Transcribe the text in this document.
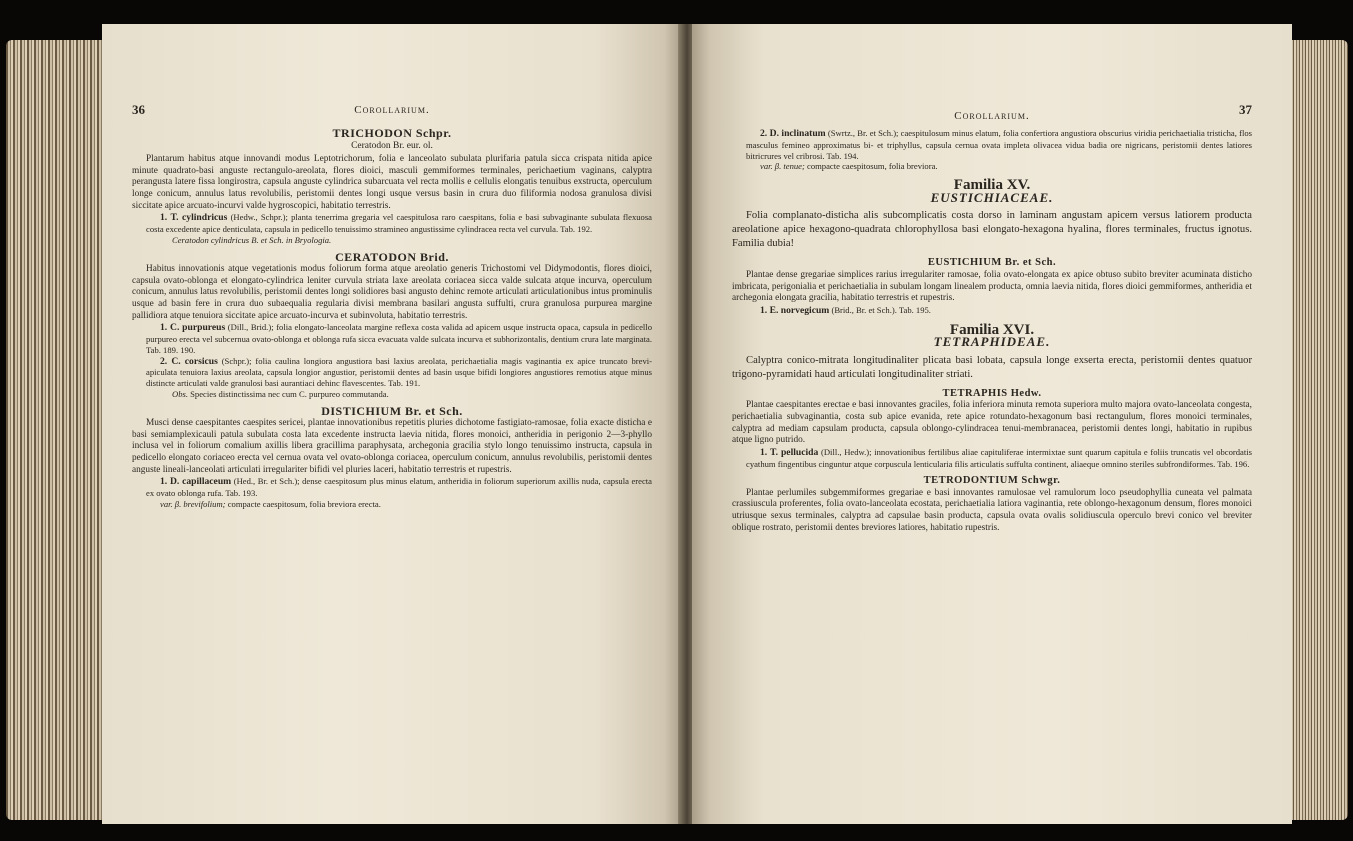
36	Corollarium.
TRICHODON Schpr.
Ceratodon Br. eur. ol.

Plantarum habitus atque innovandi modus Leptotrichorum, folia e lanceolato subulata plurifaria patula sicca crispata nitida apice minute quadrato-basi anguste rectangulo-areolata, flores dioici, masculi gemmiformes terminales, perichaetium vaginans, calyptra perangusta latere fissa longirostra, capsula anguste cylindrica subarcuata vel recta mollis e cellulis elongatis tenuibus exstructa, operculum longe conicum, annulus latus revolubilis, peristomii dentes longi usque versus basin in crura duo filiformia nodosa granulosa divisi siccitate apice arcuato-incurvi valde hygroscopici, habitatio terrestris.

1. T. cylindricus (Hedw., Schpr.); planta tenerrima gregaria vel caespitulosa raro caespitans, folia e basi subvaginante subulata flexuosa costa excedente apice denticulata, capsula in pedicello tenuissimo stramineo angustissime cylindracea recta vel curvula. Tab. 192.

Ceratodon cylindricus B. et Sch. in Bryologia.

CERATODON Brid.

Habitus innovationis atque vegetationis modus foliorum forma atque areolatio generis Trichostomi vel Didymodontis, flores dioici, capsula ovato-oblonga et elongato-cylindrica leniter curvula striata laxe areolata coriacea sicca valde sulcata atque incurva, operculum conicum, annulus latus revolubilis, peristomii dentes longi solidiores basi angusto dehinc remote articulati articulationibus intus prominulis usque ad basin fere in crura duo subaequalia regularia divisi membrana basilari angusta suffulti, crura granulosa purpurea margine pallidiora atque tenuiora siccitate apice arcuato-incurva et subinvoluta, habitatio terrestris.

1. C. purpureus (Dill., Brid.); folia elongato-lanceolata margine reflexa costa valida ad apicem usque instructa opaca, capsula in pedicello purpureo erecta vel subcernua ovato-oblonga et oblonga rufa sicca evacuata valde sulcata incurva et subhorizontalis, dentium crura late marginata. Tab. 189. 190.

2. C. corsicus (Schpr.); folia caulina longiora angustiora basi laxius areolata, perichaetialia magis vaginantia ex apice truncato brevi-apiculata tenuiora laxius areolata, capsula longior angustior, peristomii dentes ad basin usque bifidi longiores angustiores remotius atque minus distincte articulati valde granulosi basi aurantiaci dehinc flavescentes. Tab. 191.

Obs. Species distinctissima nec cum C. purpureo commutanda.

DISTICHIUM Br. et Sch.

Musci dense caespitantes caespites sericei, plantae innovationibus repetitis pluries dichotome fastigiato-ramosae, folia exacte disticha e basi semiamplexicauli patula subulata costa lata excedente instructa laevia nitida, flores monoici, antheridia in perigonio 2—3-phyllo inclusa vel in foliorum comalium axillis libera gracillima paraphysata, archegonia gracilia stylo longo tenuissimo instructa, capsula in pedicello elongato coriaceo erecta vel cernua ovata vel ovato-oblonga coriacea, operculum conicum, annulus revolubilis, peristomii dentes anguste lineali-lanceolati articulati irregulariter bifidi vel pluries laceri, habitatio terrestris et rupestris.

1. D. capillaceum (Hed., Br. et Sch.); dense caespitosum plus minus elatum, antheridia in foliorum superiorum axillis nuda, capsula erecta ex ovato oblonga rufa. Tab. 193.

var. β. brevifolium; compacte caespitosum, folia breviora erecta.

37
Corollarium.

2. D. inclinatum (Swrtz., Br. et Sch.); caespitulosum minus elatum, folia confertiora angustiora obscurius viridia perichaetialia tristicha, flos masculus femineo approximatus bi- et triphyllus, capsula cernua ovata impleta olivacea vidua badia ore nigricans, peristomii dentes latiores bitricrures vel cribrosi. Tab. 194.

var. β. tenue; compacte caespitosum, folia breviora.

Familia XV.
EUSTICHIACEAE.

Folia complanato-disticha alis subcomplicatis costa dorso in laminam angustam apicem versus latiorem producta areolatione apice hexagono-quadrata chlorophyllosa basi elongato-hexagona hyalina, flores terminales, fructus ignotus. Familia dubia!

EUSTICHIUM Br. et Sch.

Plantae dense gregariae simplices rarius irregulariter ramosae, folia ovato-elongata ex apice obtuso subito breviter acuminata disticho imbricata, perigonialia et perichaetialia in subulam longam linealem producta, omnia laevia nitida, flores dioici gemmiformes, antheridia et archegonia elongata gracilia, habitatio terrestris et rupestris.

1. E. norvegicum (Brid., Br. et Sch.). Tab. 195.

Familia XVI.
TETRAPHIDEAE.

Calyptra conico-mitrata longitudinaliter plicata basi lobata, capsula longe exserta erecta, peristomii dentes quatuor trigono-pyramidati haud articulati longitudinaliter striati.

TETRAPHIS Hedw.

Plantae caespitantes erectae e basi innovantes graciles, folia inferiora minuta remota superiora multo majora ovato-lanceolata congesta, perichaetialia subvaginantia, costa sub apice evanida, rete apice rotundato-hexagonum basi rectangulum, flores monoici terminales, calyptra ad mediam capsulam producta, capsula oblongo-cylindracea tenui-membranacea, peristomii dentes longi, habitatio in rupibus atque ligno putrido.

1. T. pellucida (Dill., Hedw.); innovationibus fertilibus aliae capituliferae intermixtae sunt quarum capitula e foliis truncatis vel obcordatis cyathum fingentibus cinguntur atque corpuscula lenticularia filis articulatis suffulta continent, aliaeque omnino steriles subfrondiformes. Tab. 196.

TETRODONTIUM Schwgr.

Plantae perlumiles subgemmiformes gregariae e basi innovantes ramulosae vel ramulorum loco pseudophyllia cuneata vel palmata crassiuscula proferentes, folia ovato-lanceolata ecostata, perichaetialia latiora vaginantia, rete oblongo-hexagonum densum, flores monoici utriusque sexus terminales, calyptra ad capsulae basin producta, capsula ovata ovalis solidiuscula operculo brevi conico vel breviter oblique rostrato, peristomii dentes breviores latiores, habitatio rupestris.
